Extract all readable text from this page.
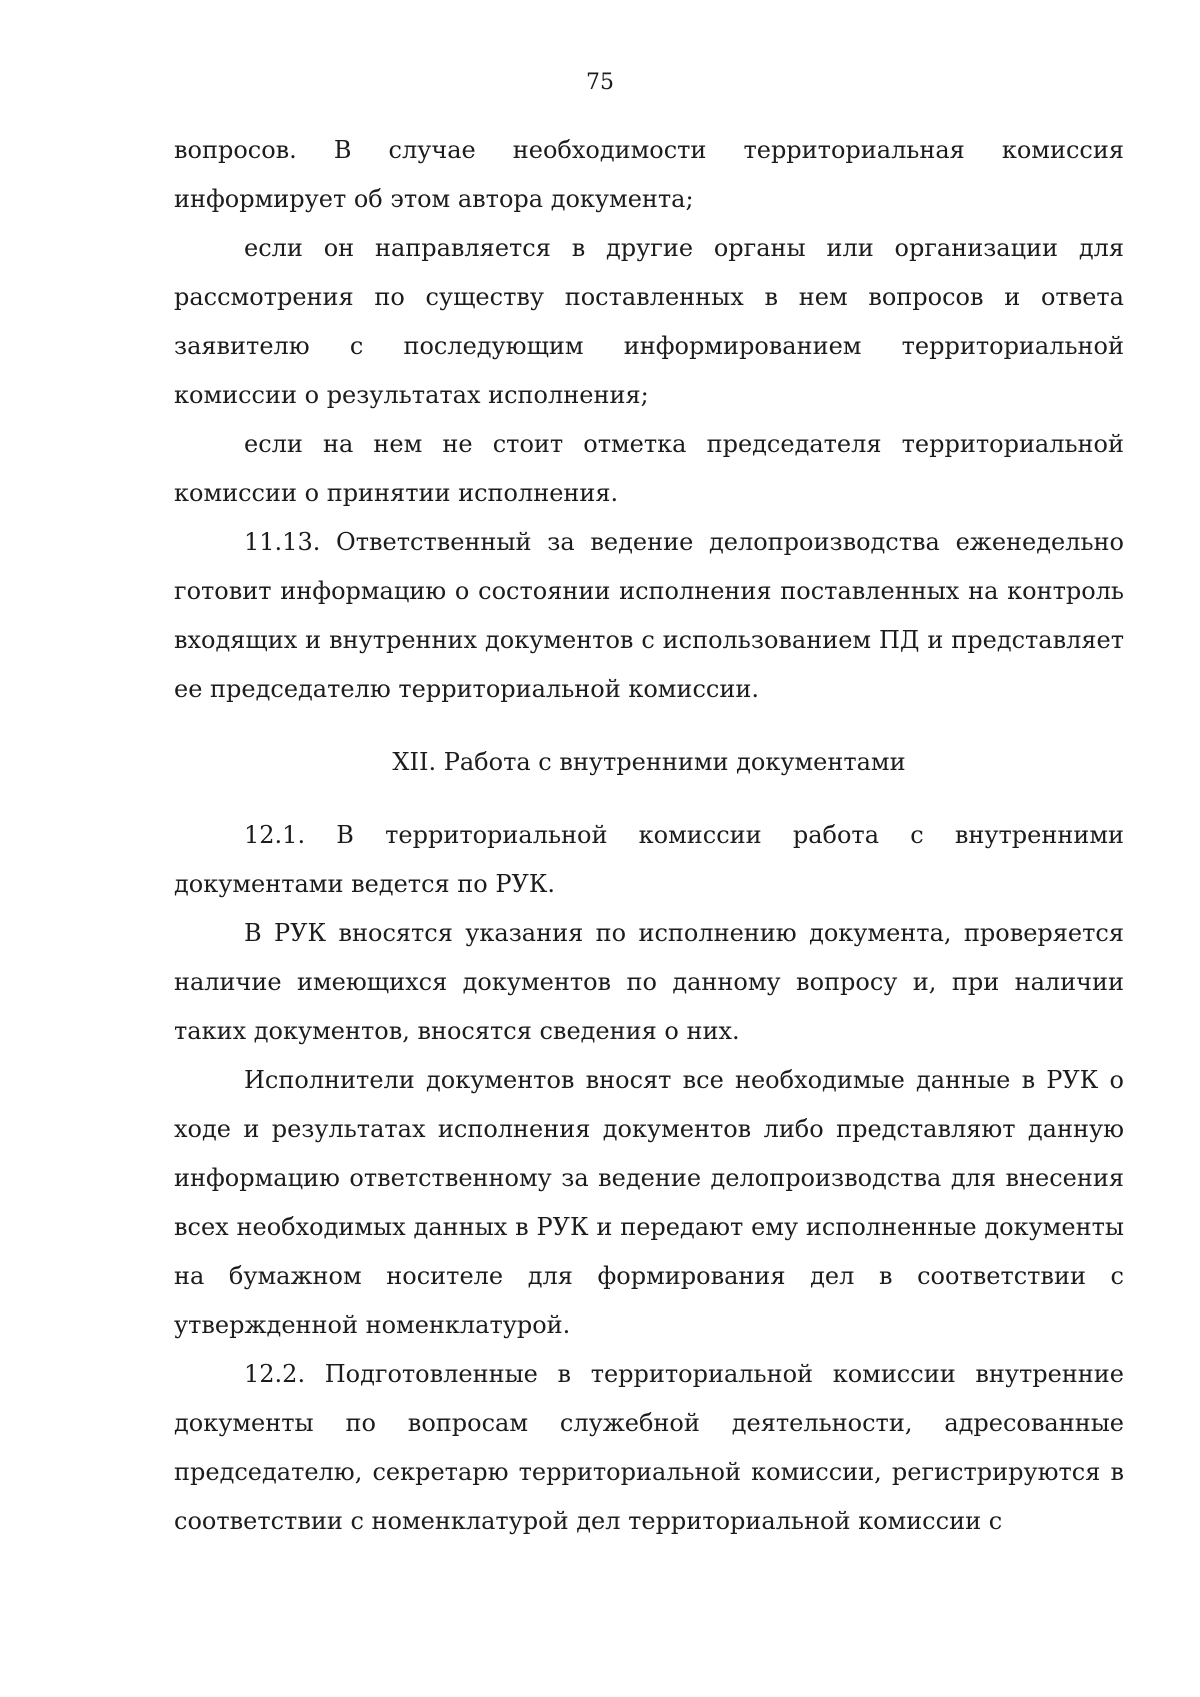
75

вопросов. В случае необходимости территориальная комиссия информирует об этом автора документа;

если он направляется в другие органы или организации для рассмотрения по существу поставленных в нем вопросов и ответа заявителю с последующим информированием территориальной комиссии о результатах исполнения;

если на нем не стоит отметка председателя территориальной комиссии о принятии исполнения.

11.13. Ответственный за ведение делопроизводства еженедельно готовит информацию о состоянии исполнения поставленных на контроль входящих и внутренних документов с использованием ПД и представляет ее председателю территориальной комиссии.

XII. Работа с внутренними документами

12.1. В территориальной комиссии работа с внутренними документами ведется по РУК.

В РУК вносятся указания по исполнению документа, проверяется наличие имеющихся документов по данному вопросу и, при наличии таких документов, вносятся сведения о них.

Исполнители документов вносят все необходимые данные в РУК о ходе и результатах исполнения документов либо представляют данную информацию ответственному за ведение делопроизводства для внесения всех необходимых данных в РУК и передают ему исполненные документы на бумажном носителе для формирования дел в соответствии с утвержденной номенклатурой.

12.2. Подготовленные в территориальной комиссии внутренние документы по вопросам служебной деятельности, адресованные председателю, секретарю территориальной комиссии, регистрируются в соответствии с номенклатурой дел территориальной комиссии с
